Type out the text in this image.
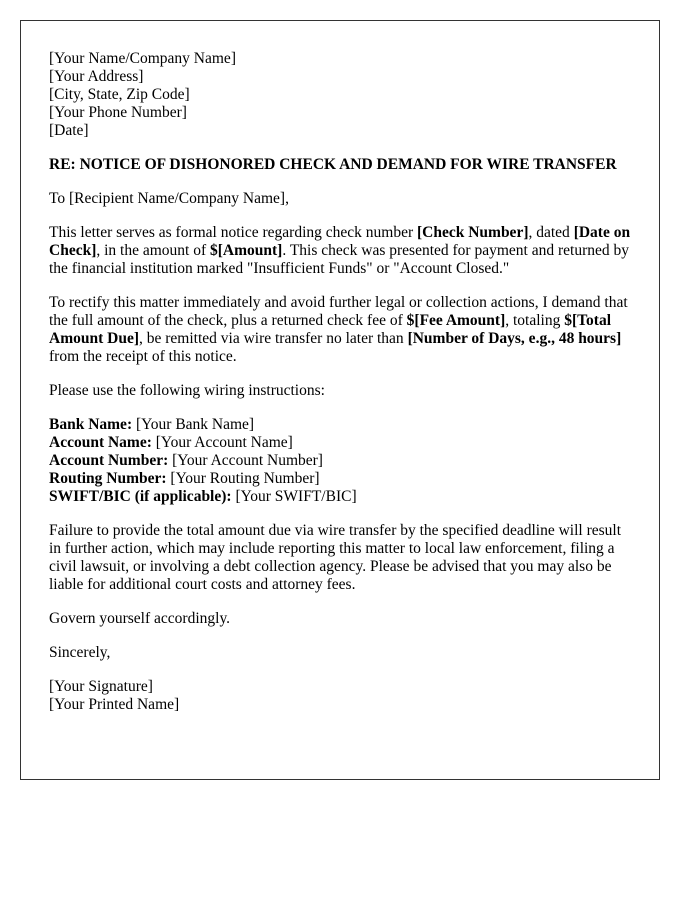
[Your Name/Company Name]
[Your Address]
[City, State, Zip Code]
[Your Phone Number]
[Date]

RE: NOTICE OF DISHONORED CHECK AND DEMAND FOR WIRE TRANSFER

To [Recipient Name/Company Name],

This letter serves as formal notice regarding check number [Check Number], dated [Date on Check], in the amount of $[Amount]. This check was presented for payment and returned by the financial institution marked "Insufficient Funds" or "Account Closed."

To rectify this matter immediately and avoid further legal or collection actions, I demand that the full amount of the check, plus a returned check fee of $[Fee Amount], totaling $[Total Amount Due], be remitted via wire transfer no later than [Number of Days, e.g., 48 hours] from the receipt of this notice.

Please use the following wiring instructions:

Bank Name: [Your Bank Name]
Account Name: [Your Account Name]
Account Number: [Your Account Number]
Routing Number: [Your Routing Number]
SWIFT/BIC (if applicable): [Your SWIFT/BIC]

Failure to provide the total amount due via wire transfer by the specified deadline will result in further action, which may include reporting this matter to local law enforcement, filing a civil lawsuit, or involving a debt collection agency. Please be advised that you may also be liable for additional court costs and attorney fees.

Govern yourself accordingly.

Sincerely,

[Your Signature]
[Your Printed Name]
